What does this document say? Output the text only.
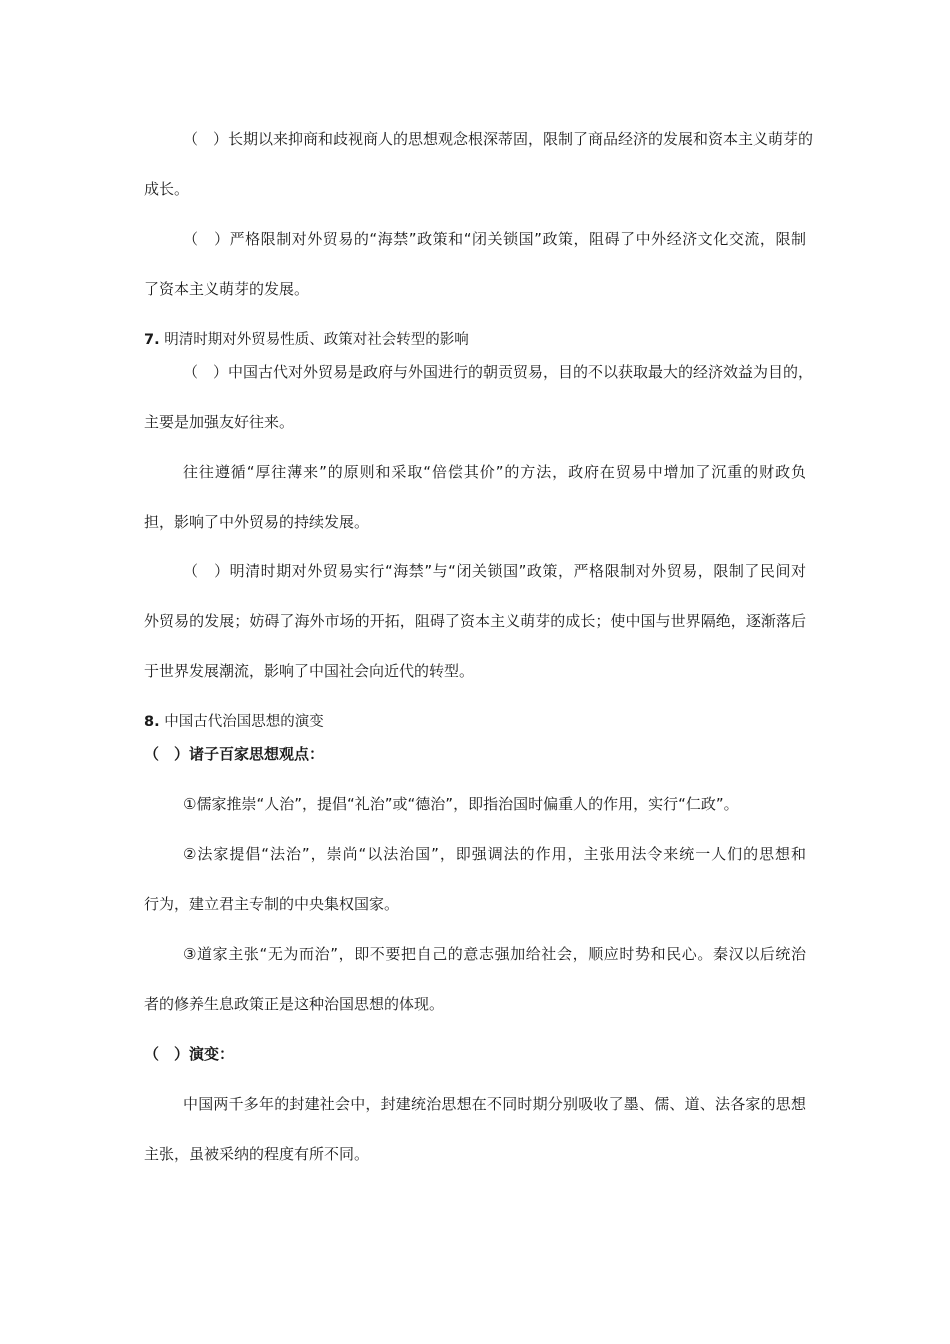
（　）长期以来抑商和歧视商人的思想观念根深蒂固，限制了商品经济的发展和资本主义萌芽的
成长。
（　）严格限制对外贸易的“海禁”政策和“闭关锁国”政策，阻碍了中外经济文化交流，限制
了资本主义萌芽的发展。
7. 明清时期对外贸易性质、政策对社会转型的影响
（　）中国古代对外贸易是政府与外国进行的朝贡贸易，目的不以获取最大的经济效益为目的，
主要是加强友好往来。
往往遵循“厚往薄来”的原则和采取“倍偿其价”的方法，政府在贸易中增加了沉重的财政负
担，影响了中外贸易的持续发展。
（　）明清时期对外贸易实行“海禁”与“闭关锁国”政策，严格限制对外贸易，限制了民间对
外贸易的发展；妨碍了海外市场的开拓，阻碍了资本主义萌芽的成长；使中国与世界隔绝，逐渐落后
于世界发展潮流，影响了中国社会向近代的转型。
8. 中国古代治国思想的演变
（　）诸子百家思想观点：
①儒家推崇“人治”，提倡“礼治”或“德治”，即指治国时偏重人的作用，实行“仁政”。
②法家提倡“法治”，崇尚“以法治国”，即强调法的作用，主张用法令来统一人们的思想和
行为，建立君主专制的中央集权国家。
③道家主张“无为而治”，即不要把自己的意志强加给社会，顺应时势和民心。秦汉以后统治
者的修养生息政策正是这种治国思想的体现。
（　）演变：
中国两千多年的封建社会中，封建统治思想在不同时期分别吸收了墨、儒、道、法各家的思想
主张，虽被采纳的程度有所不同。
